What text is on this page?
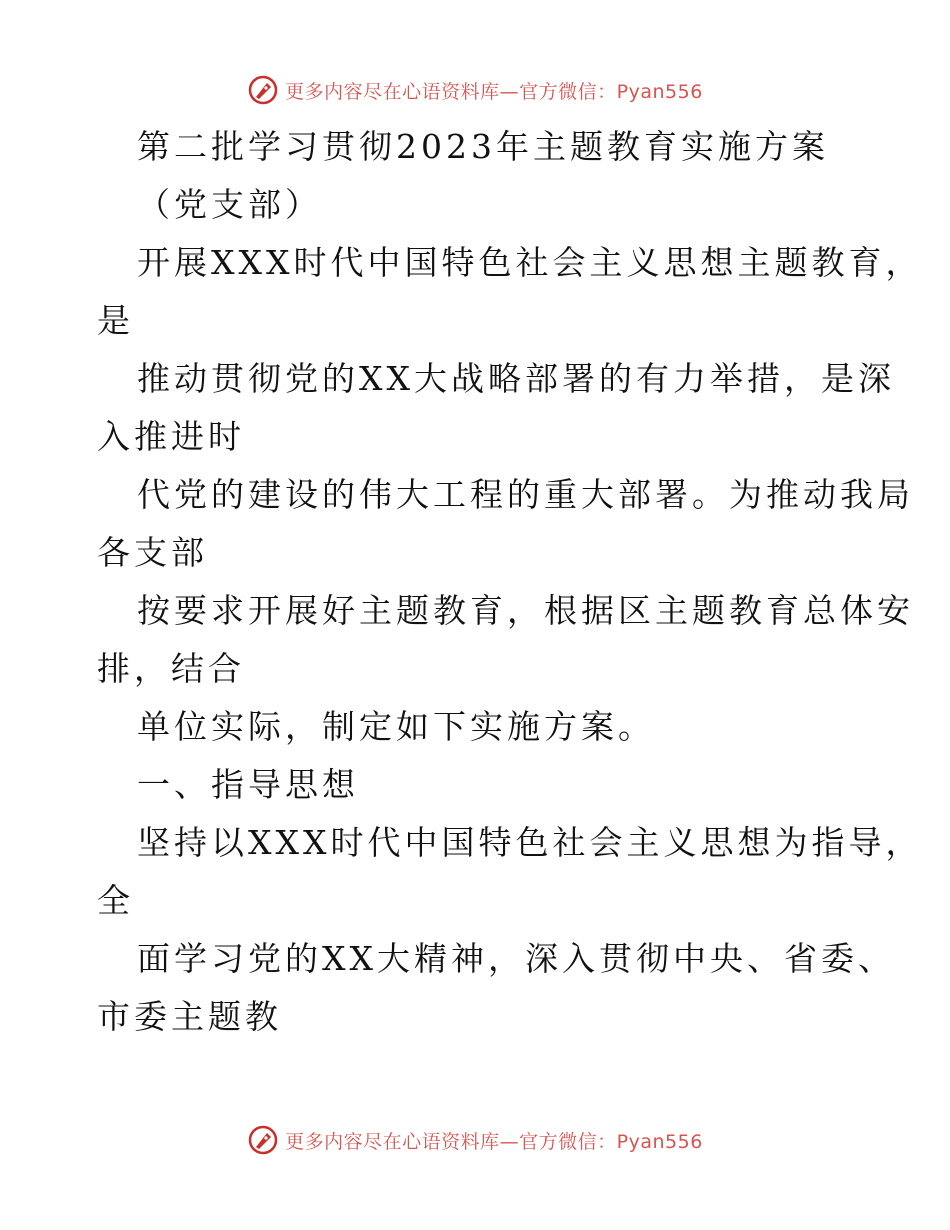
更多内容尽在心语资料库—官方微信：Pyan556
第二批学习贯彻2023年主题教育实施方案
（党支部）
开展XXX时代中国特色社会主义思想主题教育，
是
推动贯彻党的XX大战略部署的有力举措，是深
入推进时
代党的建设的伟大工程的重大部署。为推动我局
各支部
按要求开展好主题教育，根据区主题教育总体安
排，结合
单位实际，制定如下实施方案。
一、指导思想
坚持以XXX时代中国特色社会主义思想为指导，
全
面学习党的XX大精神，深入贯彻中央、省委、
市委主题教
更多内容尽在心语资料库—官方微信：Pyan556
